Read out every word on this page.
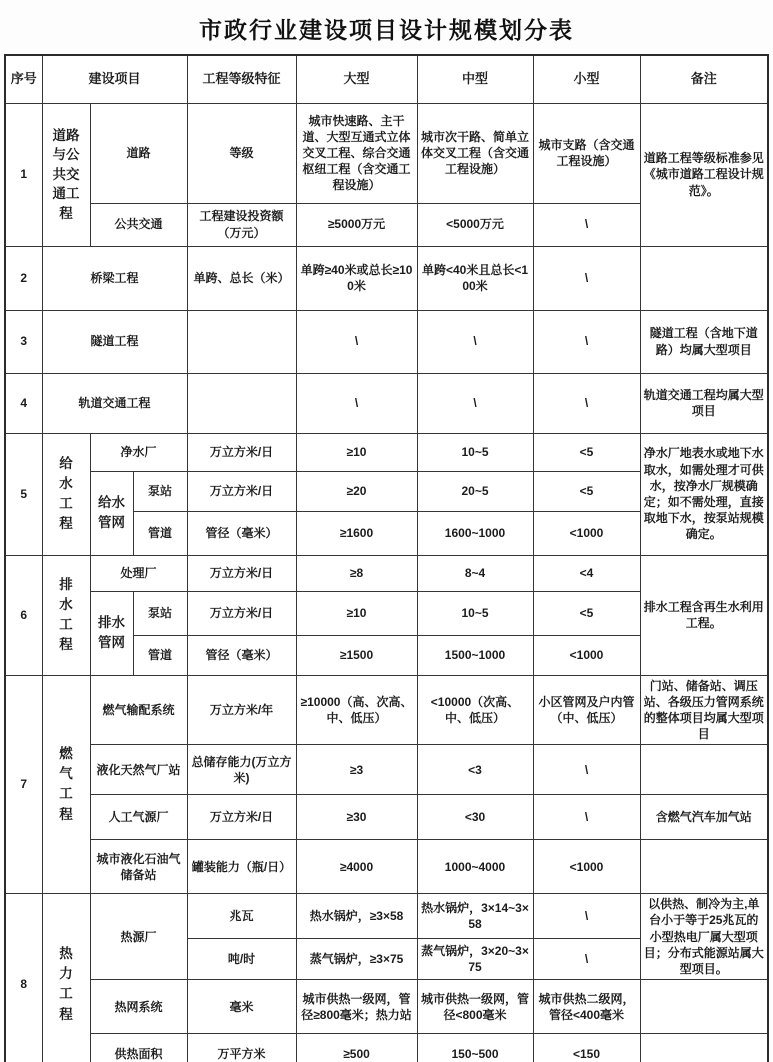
市政行业建设项目设计规模划分表
序号	建设项目			工程等级特征	大型	中型	小型	备注
1	道路与公共交通工程	道路		等级	城市快速路、主干道、大型互通式立体交叉工程、综合交通枢纽工程（含交通工程设施）	城市次干路、简单立体交叉工程（含交通工程设施）	城市支路（含交通工程设施）	道路工程等级标准参见《城市道路工程设计规范》。
		公共交通		工程建设投资额（万元）	≥5000万元	<5000万元	\	
2	桥梁工程			单跨、总长（米）	单跨≥40米或总长≥100米	单跨<40米且总长<100米	\	
3	隧道工程				\	\	\	隧道工程（含地下道路）均属大型项目
4	轨道交通工程				\	\	\	轨道交通工程均属大型项目
5	给水工程	净水厂		万立方米/日	≥10	10~5	<5	净水厂地表水或地下水取水，如需处理才可供水，按净水厂规模确定；如不需处理，直接取地下水，按泵站规模确定。
		给水管网	泵站	万立方米/日	≥20	20~5	<5	
			管道	管径（毫米）	≥1600	1600~1000	<1000	
6	排水工程	处理厂		万立方米/日	≥8	8~4	<4	排水工程含再生水利用工程。
		排水管网	泵站	万立方米/日	≥10	10~5	<5	
			管道	管径（毫米）	≥1500	1500~1000	<1000	
7	燃气工程	燃气输配系统		万立方米/年	≥10000（高、次高、中、低压）	<10000（次高、中、低压）	小区管网及户内管（中、低压）	门站、储备站、调压站、各级压力管网系统的整体项目均属大型项目
		液化天然气厂站		总储存能力(万立方米)	≥3	<3	\	
		人工气源厂		万立方米/日	≥30	<30	\	含燃气汽车加气站
		城市液化石油气储备站		罐装能力（瓶/日）	≥4000	1000~4000	<1000	
8	热力工程	热源厂		兆瓦	热水锅炉，≥3×58	热水锅炉，3×14~3×58	\	以供热、制冷为主,单台小于等于25兆瓦的小型热电厂属大型项目；分布式能源站属大型项目。
				吨/时	蒸气锅炉，≥3×75	蒸气锅炉，3×20~3×75	\	
		热网系统		毫米	城市供热一级网，管径≥800毫米；热力站	城市供热一级网，管径<800毫米	城市供热二级网，管径<400毫米	
		供热面积		万平方米	≥500	150~500	<150	
